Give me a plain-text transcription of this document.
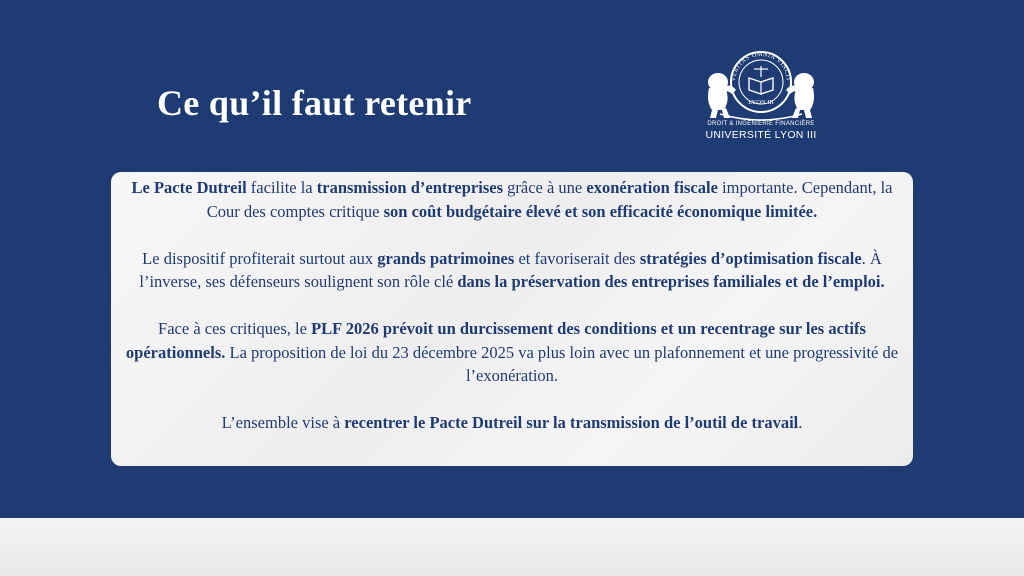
Ce qu’il faut retenir
VERITAS OMNIA VINCIT
LYON III
DROIT & INGÉNIERIE FINANCIÈRE
UNIVERSITÉ LYON III

Le Pacte Dutreil facilite la transmission d’entreprises grâce à une exonération fiscale importante. Cependant, la Cour des comptes critique son coût budgétaire élevé et son efficacité économique limitée.

Le dispositif profiterait surtout aux grands patrimoines et favoriserait des stratégies d’optimisation fiscale. À l’inverse, ses défenseurs soulignent son rôle clé dans la préservation des entreprises familiales et de l’emploi.

Face à ces critiques, le PLF 2026 prévoit un durcissement des conditions et un recentrage sur les actifs opérationnels. La proposition de loi du 23 décembre 2025 va plus loin avec un plafonnement et une progressivité de l’exonération.

L’ensemble vise à recentrer le Pacte Dutreil sur la transmission de l’outil de travail.
